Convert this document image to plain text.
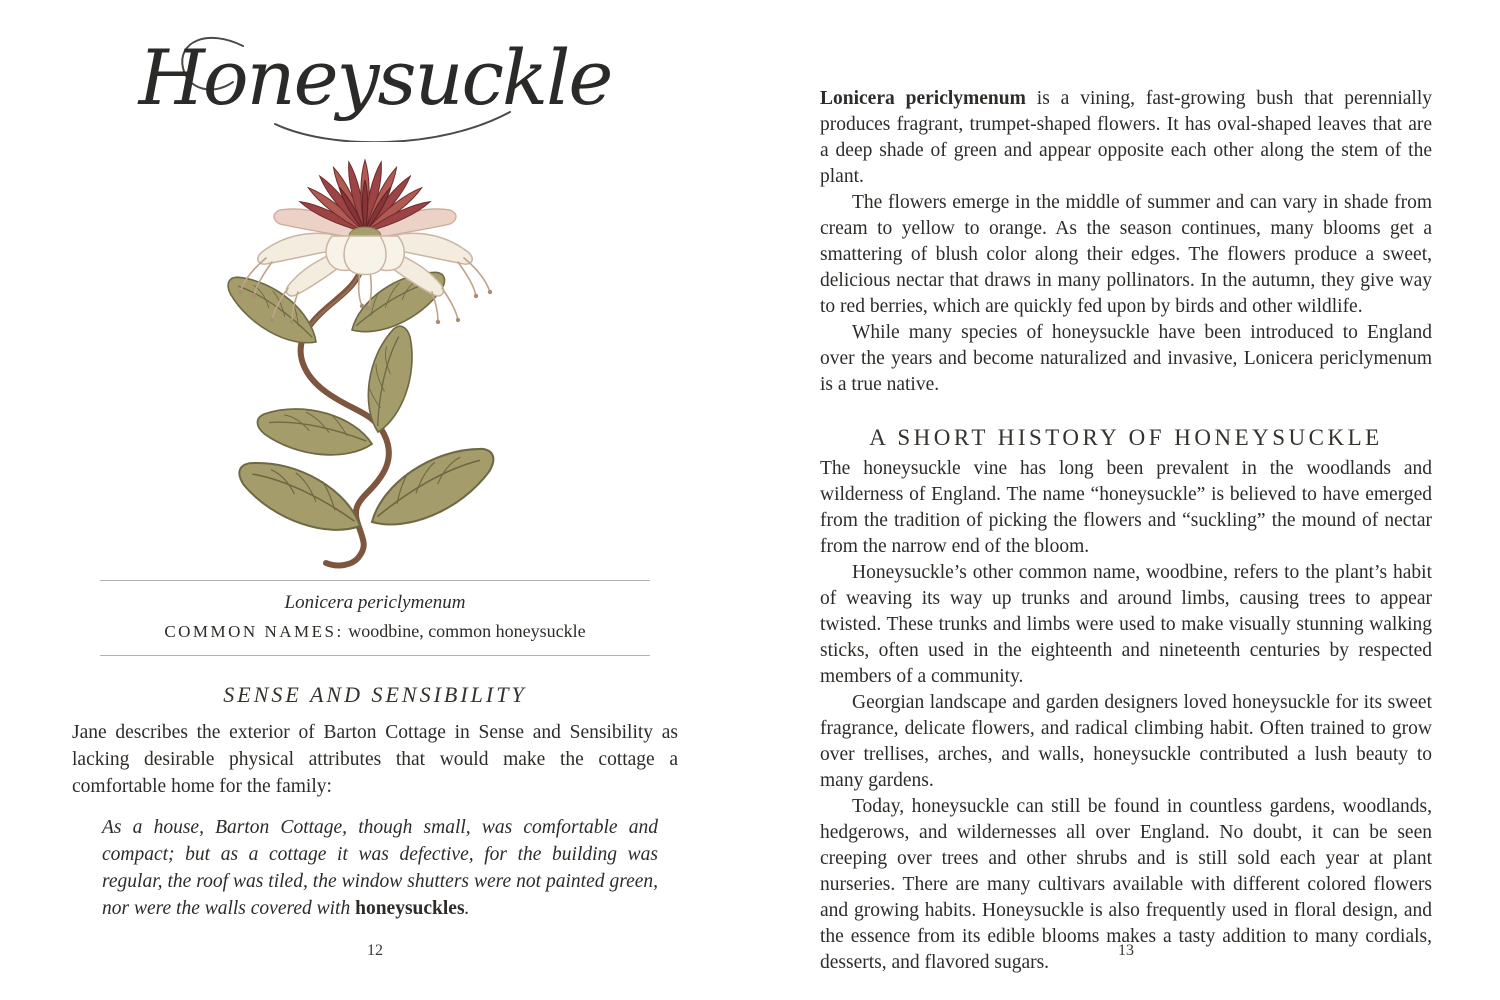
Honeysuckle
Lonicera periclymenum
COMMON NAMES: woodbine, common honeysuckle
SENSE AND SENSIBILITY

Jane describes the exterior of Barton Cottage in Sense and Sensibility as lacking desirable physical attributes that would make the cottage a comfortable home for the family:

As a house, Barton Cottage, though small, was comfortable and compact; but as a cottage it was defective, for the building was regular, the roof was tiled, the window shutters were not painted green, nor were the walls covered with honeysuckles.
12

Lonicera periclymenum is a vining, fast-growing bush that perennially produces fragrant, trumpet-shaped flowers. It has oval-shaped leaves that are a deep shade of green and appear opposite each other along the stem of the plant.

The flowers emerge in the middle of summer and can vary in shade from cream to yellow to orange. As the season continues, many blooms get a smattering of blush color along their edges. The flowers produce a sweet, delicious nectar that draws in many pollinators. In the autumn, they give way to red berries, which are quickly fed upon by birds and other wildlife.

While many species of honeysuckle have been introduced to England over the years and become naturalized and invasive, Lonicera periclymenum is a true native.

A SHORT HISTORY OF HONEYSUCKLE

The honeysuckle vine has long been prevalent in the woodlands and wilderness of England. The name “honeysuckle” is believed to have emerged from the tradition of picking the flowers and “suckling” the mound of nectar from the narrow end of the bloom.

Honeysuckle’s other common name, woodbine, refers to the plant’s habit of weaving its way up trunks and around limbs, causing trees to appear twisted. These trunks and limbs were used to make visually stunning walking sticks, often used in the eighteenth and nineteenth centuries by respected members of a community.

Georgian landscape and garden designers loved honeysuckle for its sweet fragrance, delicate flowers, and radical climbing habit. Often trained to grow over trellises, arches, and walls, honeysuckle contributed a lush beauty to many gardens.

Today, honeysuckle can still be found in countless gardens, woodlands, hedgerows, and wildernesses all over England. No doubt, it can be seen creeping over trees and other shrubs and is still sold each year at plant nurseries. There are many cultivars available with different colored flowers and growing habits. Honeysuckle is also frequently used in floral design, and the essence from its edible blooms makes a tasty addition to many cordials, desserts, and flavored sugars.

13
